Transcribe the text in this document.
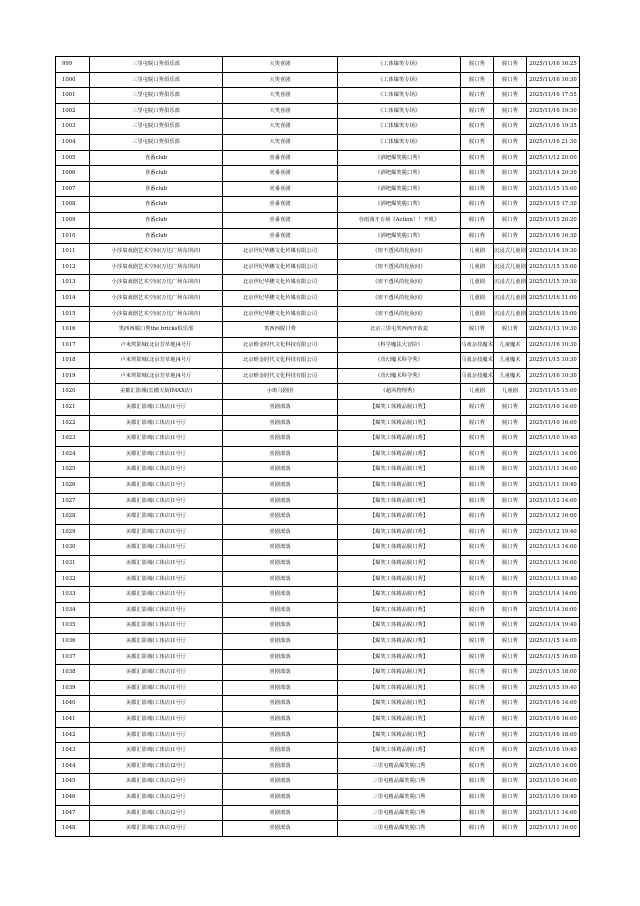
999	三里屯脱口秀俱乐部	大笑喜剧	《工体爆笑专场》	脱口秀	脱口秀	2025/11/16 16:25
1000	三里屯脱口秀俱乐部	大笑喜剧	《工体爆笑专场》	脱口秀	脱口秀	2025/11/16 16:30
1001	三里屯脱口秀俱乐部	大笑喜剧	《工体爆笑专场》	脱口秀	脱口秀	2025/11/16 17:55
1002	三里屯脱口秀俱乐部	大笑喜剧	《工体爆笑专场》	脱口秀	脱口秀	2025/11/16 19:30
1003	三里屯脱口秀俱乐部	大笑喜剧	《工体爆笑专场》	脱口秀	脱口秀	2025/11/16 19:35
1004	三里屯脱口秀俱乐部	大笑喜剧	《工体爆笑专场》	脱口秀	脱口秀	2025/11/16 21:30
1005	喜番club	喜番喜剧	《酒吧爆笑脱口秀》	脱口秀	脱口秀	2025/11/12 20:00
1006	喜番club	喜番喜剧	《酒吧爆笑脱口秀》	脱口秀	脱口秀	2025/11/14 20:30
1007	喜番club	喜番喜剧	《酒吧爆笑脱口秀》	脱口秀	脱口秀	2025/11/15 15:00
1008	喜番club	喜番喜剧	《酒吧爆笑脱口秀》	脱口秀	脱口秀	2025/11/15 17:30
1009	喜番club	喜番喜剧	谷雨漫才专场《Action！！开机》	脱口秀	脱口秀	2025/11/15 20:20
1010	喜番club	喜番喜剧	《酒吧爆笑脱口秀》	脱口秀	脱口秀	2025/11/16 16:30
1011	小莎翁戏剧艺术空间(万达广场东坝店)	北京世纪华鹏文化传媒有限公司	《密不透风的化妆间》	儿童剧	沉浸式儿童剧	2025/11/14 19:30
1012	小莎翁戏剧艺术空间(万达广场东坝店)	北京世纪华鹏文化传媒有限公司	《密不透风的化妆间》	儿童剧	沉浸式儿童剧	2025/11/15 15:00
1013	小莎翁戏剧艺术空间(万达广场东坝店)	北京世纪华鹏文化传媒有限公司	《密不透风的化妆间》	儿童剧	沉浸式儿童剧	2025/11/15 19:30
1014	小莎翁戏剧艺术空间(万达广场东坝店)	北京世纪华鹏文化传媒有限公司	《密不透风的化妆间》	儿童剧	沉浸式儿童剧	2025/11/16 11:00
1015	小莎翁戏剧艺术空间(万达广场东坝店)	北京世纪华鹏文化传媒有限公司	《密不透风的化妆间》	儿童剧	沉浸式儿童剧	2025/11/16 15:00
1016	笑西西脱口秀the bricks俱乐部	笑西西脱口秀	北京三里屯笑西西开放麦	脱口秀	脱口秀	2025/11/13 19:30
1017	卢米埃影城(北京芳草地)4号厅	北京维金时代文化科技有限公司	《科学魔法大冒险》	马戏杂技魔术	儿童魔术	2025/11/16 10:30
1018	卢米埃影城(北京芳草地)4号厅	北京维金时代文化科技有限公司	《奇幻魔术科学秀》	马戏杂技魔术	儿童魔术	2025/11/15 10:30
1019	卢米埃影城(北京芳草地)4号厅	北京维金时代文化科技有限公司	《奇幻魔术科学秀》	马戏杂技魔术	儿童魔术	2025/11/16 10:30
1020	美都汇影城(长楹天街IMAX店)	小斑马剧团	《超风物理秀》	儿童剧	儿童剧	2025/11/15 15:00
1021	美都汇影城(工体店)1号厅	喜剧部落	【爆笑工体精品脱口秀】	脱口秀	脱口秀	2025/11/10 14:00
1022	美都汇影城(工体店)1号厅	喜剧部落	【爆笑工体精品脱口秀】	脱口秀	脱口秀	2025/11/10 16:00
1023	美都汇影城(工体店)1号厅	喜剧部落	【爆笑工体精品脱口秀】	脱口秀	脱口秀	2025/11/10 19:40
1024	美都汇影城(工体店)1号厅	喜剧部落	【爆笑工体精品脱口秀】	脱口秀	脱口秀	2025/11/11 14:00
1025	美都汇影城(工体店)1号厅	喜剧部落	【爆笑工体精品脱口秀】	脱口秀	脱口秀	2025/11/11 16:00
1026	美都汇影城(工体店)1号厅	喜剧部落	【爆笑工体精品脱口秀】	脱口秀	脱口秀	2025/11/11 19:40
1027	美都汇影城(工体店)1号厅	喜剧部落	【爆笑工体精品脱口秀】	脱口秀	脱口秀	2025/11/12 14:00
1028	美都汇影城(工体店)1号厅	喜剧部落	【爆笑工体精品脱口秀】	脱口秀	脱口秀	2025/11/12 16:00
1029	美都汇影城(工体店)1号厅	喜剧部落	【爆笑工体精品脱口秀】	脱口秀	脱口秀	2025/11/12 19:40
1030	美都汇影城(工体店)1号厅	喜剧部落	【爆笑工体精品脱口秀】	脱口秀	脱口秀	2025/11/13 14:00
1031	美都汇影城(工体店)1号厅	喜剧部落	【爆笑工体精品脱口秀】	脱口秀	脱口秀	2025/11/13 16:00
1032	美都汇影城(工体店)1号厅	喜剧部落	【爆笑工体精品脱口秀】	脱口秀	脱口秀	2025/11/13 19:40
1033	美都汇影城(工体店)1号厅	喜剧部落	【爆笑工体精品脱口秀】	脱口秀	脱口秀	2025/11/14 14:00
1034	美都汇影城(工体店)1号厅	喜剧部落	【爆笑工体精品脱口秀】	脱口秀	脱口秀	2025/11/14 16:00
1035	美都汇影城(工体店)1号厅	喜剧部落	【爆笑工体精品脱口秀】	脱口秀	脱口秀	2025/11/14 19:40
1036	美都汇影城(工体店)1号厅	喜剧部落	【爆笑工体精品脱口秀】	脱口秀	脱口秀	2025/11/15 14:00
1037	美都汇影城(工体店)1号厅	喜剧部落	【爆笑工体精品脱口秀】	脱口秀	脱口秀	2025/11/15 16:00
1038	美都汇影城(工体店)1号厅	喜剧部落	【爆笑工体精品脱口秀】	脱口秀	脱口秀	2025/11/15 18:00
1039	美都汇影城(工体店)1号厅	喜剧部落	【爆笑工体精品脱口秀】	脱口秀	脱口秀	2025/11/15 19:40
1040	美都汇影城(工体店)1号厅	喜剧部落	【爆笑工体精品脱口秀】	脱口秀	脱口秀	2025/11/16 14:00
1041	美都汇影城(工体店)1号厅	喜剧部落	【爆笑工体精品脱口秀】	脱口秀	脱口秀	2025/11/16 16:00
1042	美都汇影城(工体店)1号厅	喜剧部落	【爆笑工体精品脱口秀】	脱口秀	脱口秀	2025/11/16 18:00
1043	美都汇影城(工体店)1号厅	喜剧部落	【爆笑工体精品脱口秀】	脱口秀	脱口秀	2025/11/16 19:40
1044	美都汇影城(工体店)2号厅	喜剧部落	三里屯精品爆笑脱口秀	脱口秀	脱口秀	2025/11/10 14:00
1045	美都汇影城(工体店)2号厅	喜剧部落	三里屯精品爆笑脱口秀	脱口秀	脱口秀	2025/11/10 16:00
1046	美都汇影城(工体店)2号厅	喜剧部落	三里屯精品爆笑脱口秀	脱口秀	脱口秀	2025/11/10 19:40
1047	美都汇影城(工体店)2号厅	喜剧部落	三里屯精品爆笑脱口秀	脱口秀	脱口秀	2025/11/11 14:00
1048	美都汇影城(工体店)2号厅	喜剧部落	三里屯精品爆笑脱口秀	脱口秀	脱口秀	2025/11/11 16:00
